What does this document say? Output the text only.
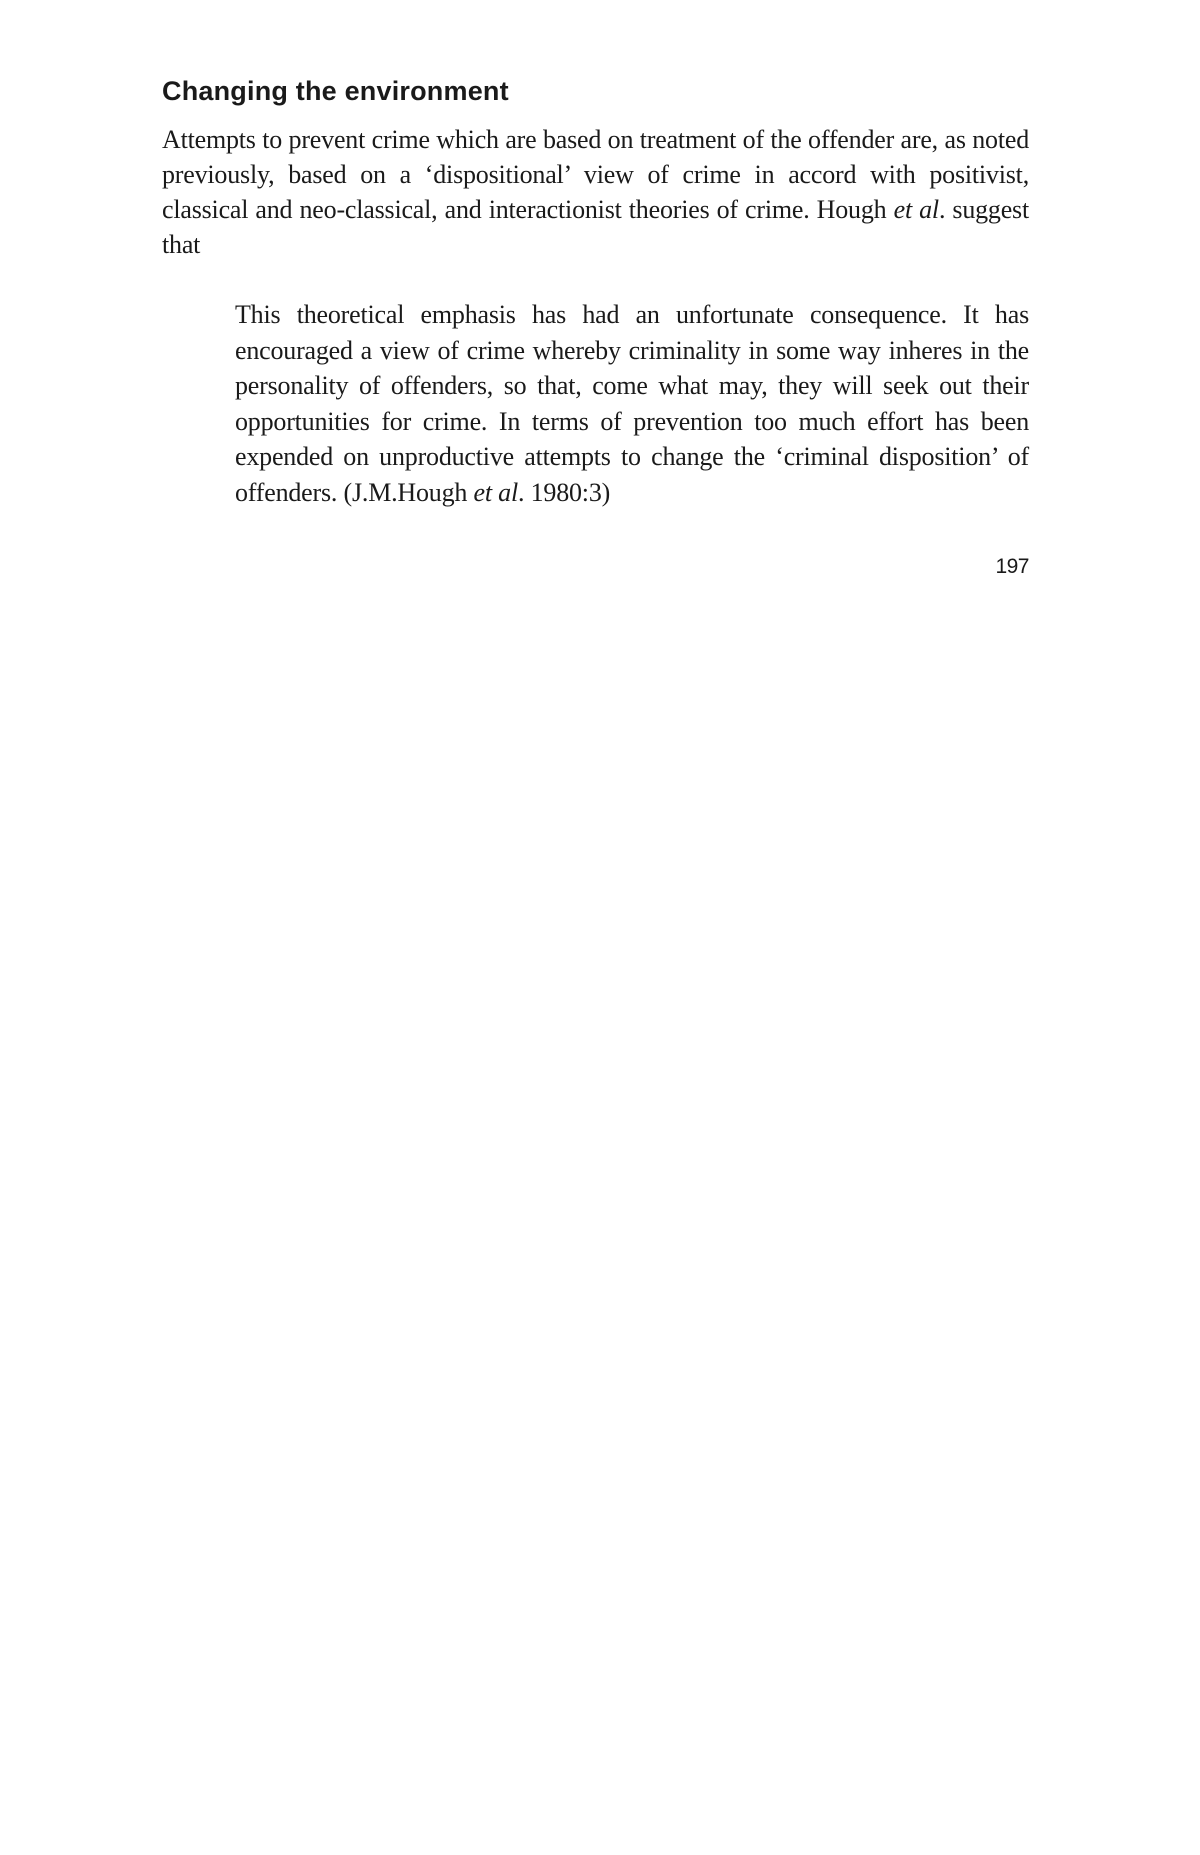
Changing the environment

Attempts to prevent crime which are based on treatment of the offender are, as noted previously, based on a ‘dispositional’ view of crime in accord with positivist, classical and neo-classical, and interactionist theories of crime. Hough et al. suggest that

This theoretical emphasis has had an unfortunate consequence. It has encouraged a view of crime whereby criminality in some way inheres in the personality of offenders, so that, come what may, they will seek out their opportunities for crime. In terms of prevention too much effort has been expended on unproductive attempts to change the ‘criminal disposition’ of offenders. (J.M.Hough et al. 1980:3)

197
